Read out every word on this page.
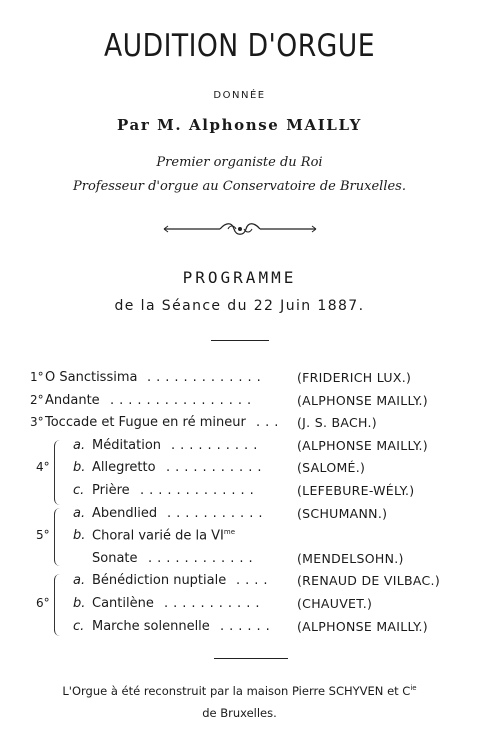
AUDITION D'ORGUE
DONNÉE
Par M. Alphonse MAILLY
Premier organiste du Roi
Professeur d'orgue au Conservatoire de Bruxelles.
PROGRAMME
de la Séance du 22 Juin 1887.
1° O Sanctissima .............	(FRIDERICH LUX.)
2° Andante ................	(ALPHONSE MAILLY.)
3° Toccade et Fugue en ré mineur ... (J. S. BACH.)
a. Méditation ..........	(ALPHONSE MAILLY.)
4° b. Allegretto ........... (SALOMÉ.)
c. Prière .............	(LEFEBURE-WÉLY.)
a. Abendlied ........... (SCHUMANN.)
5° b. Choral varié de la $VI^{me}$
Sonate ............	(MENDELSOHN.)
a. Bénédiction nuptiale .... (RENAUD DE VILBAC.)
6° b. Cantilène ...........	(CHAUVET.)
c. Marche solennelle ...... (ALPHONSE MAILLY.)
L'Orgue à été reconstruit par la maison Pierre SCHYVEN et $C^{ie}$
de Bruxelles.
